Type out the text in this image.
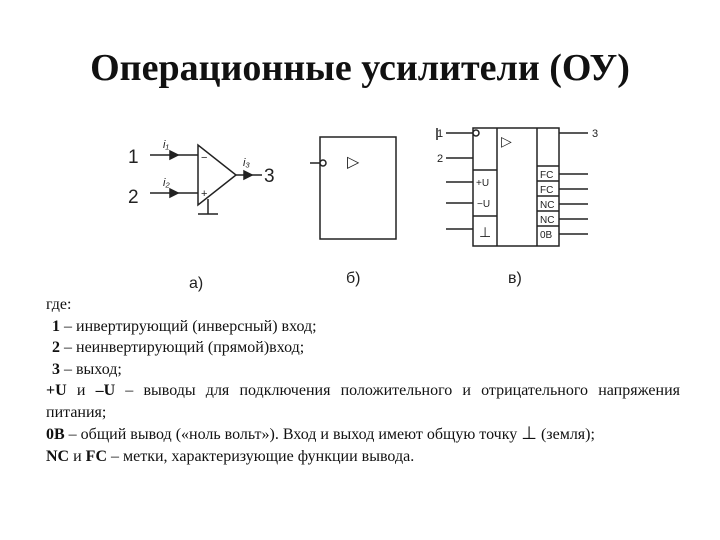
Операционные усилители (ОУ)
1
2
3
i₁
i₂
i₃
−
+
а)
▷
б)
1
2
3
▷
+U
−U
⊥
FC
FC
NC
NC
0B
в)

где:

1 – инвертирующий (инверсный) вход;

2 – неинвертирующий (прямой)вход;

3 – выход;

+U и –U – выводы для подключения положительного и отрицательного напряжения питания;

0В – общий вывод («ноль вольт»). Вход и выход имеют общую точку ⊥ (земля);

NC и FC – метки, характеризующие функции вывода.
